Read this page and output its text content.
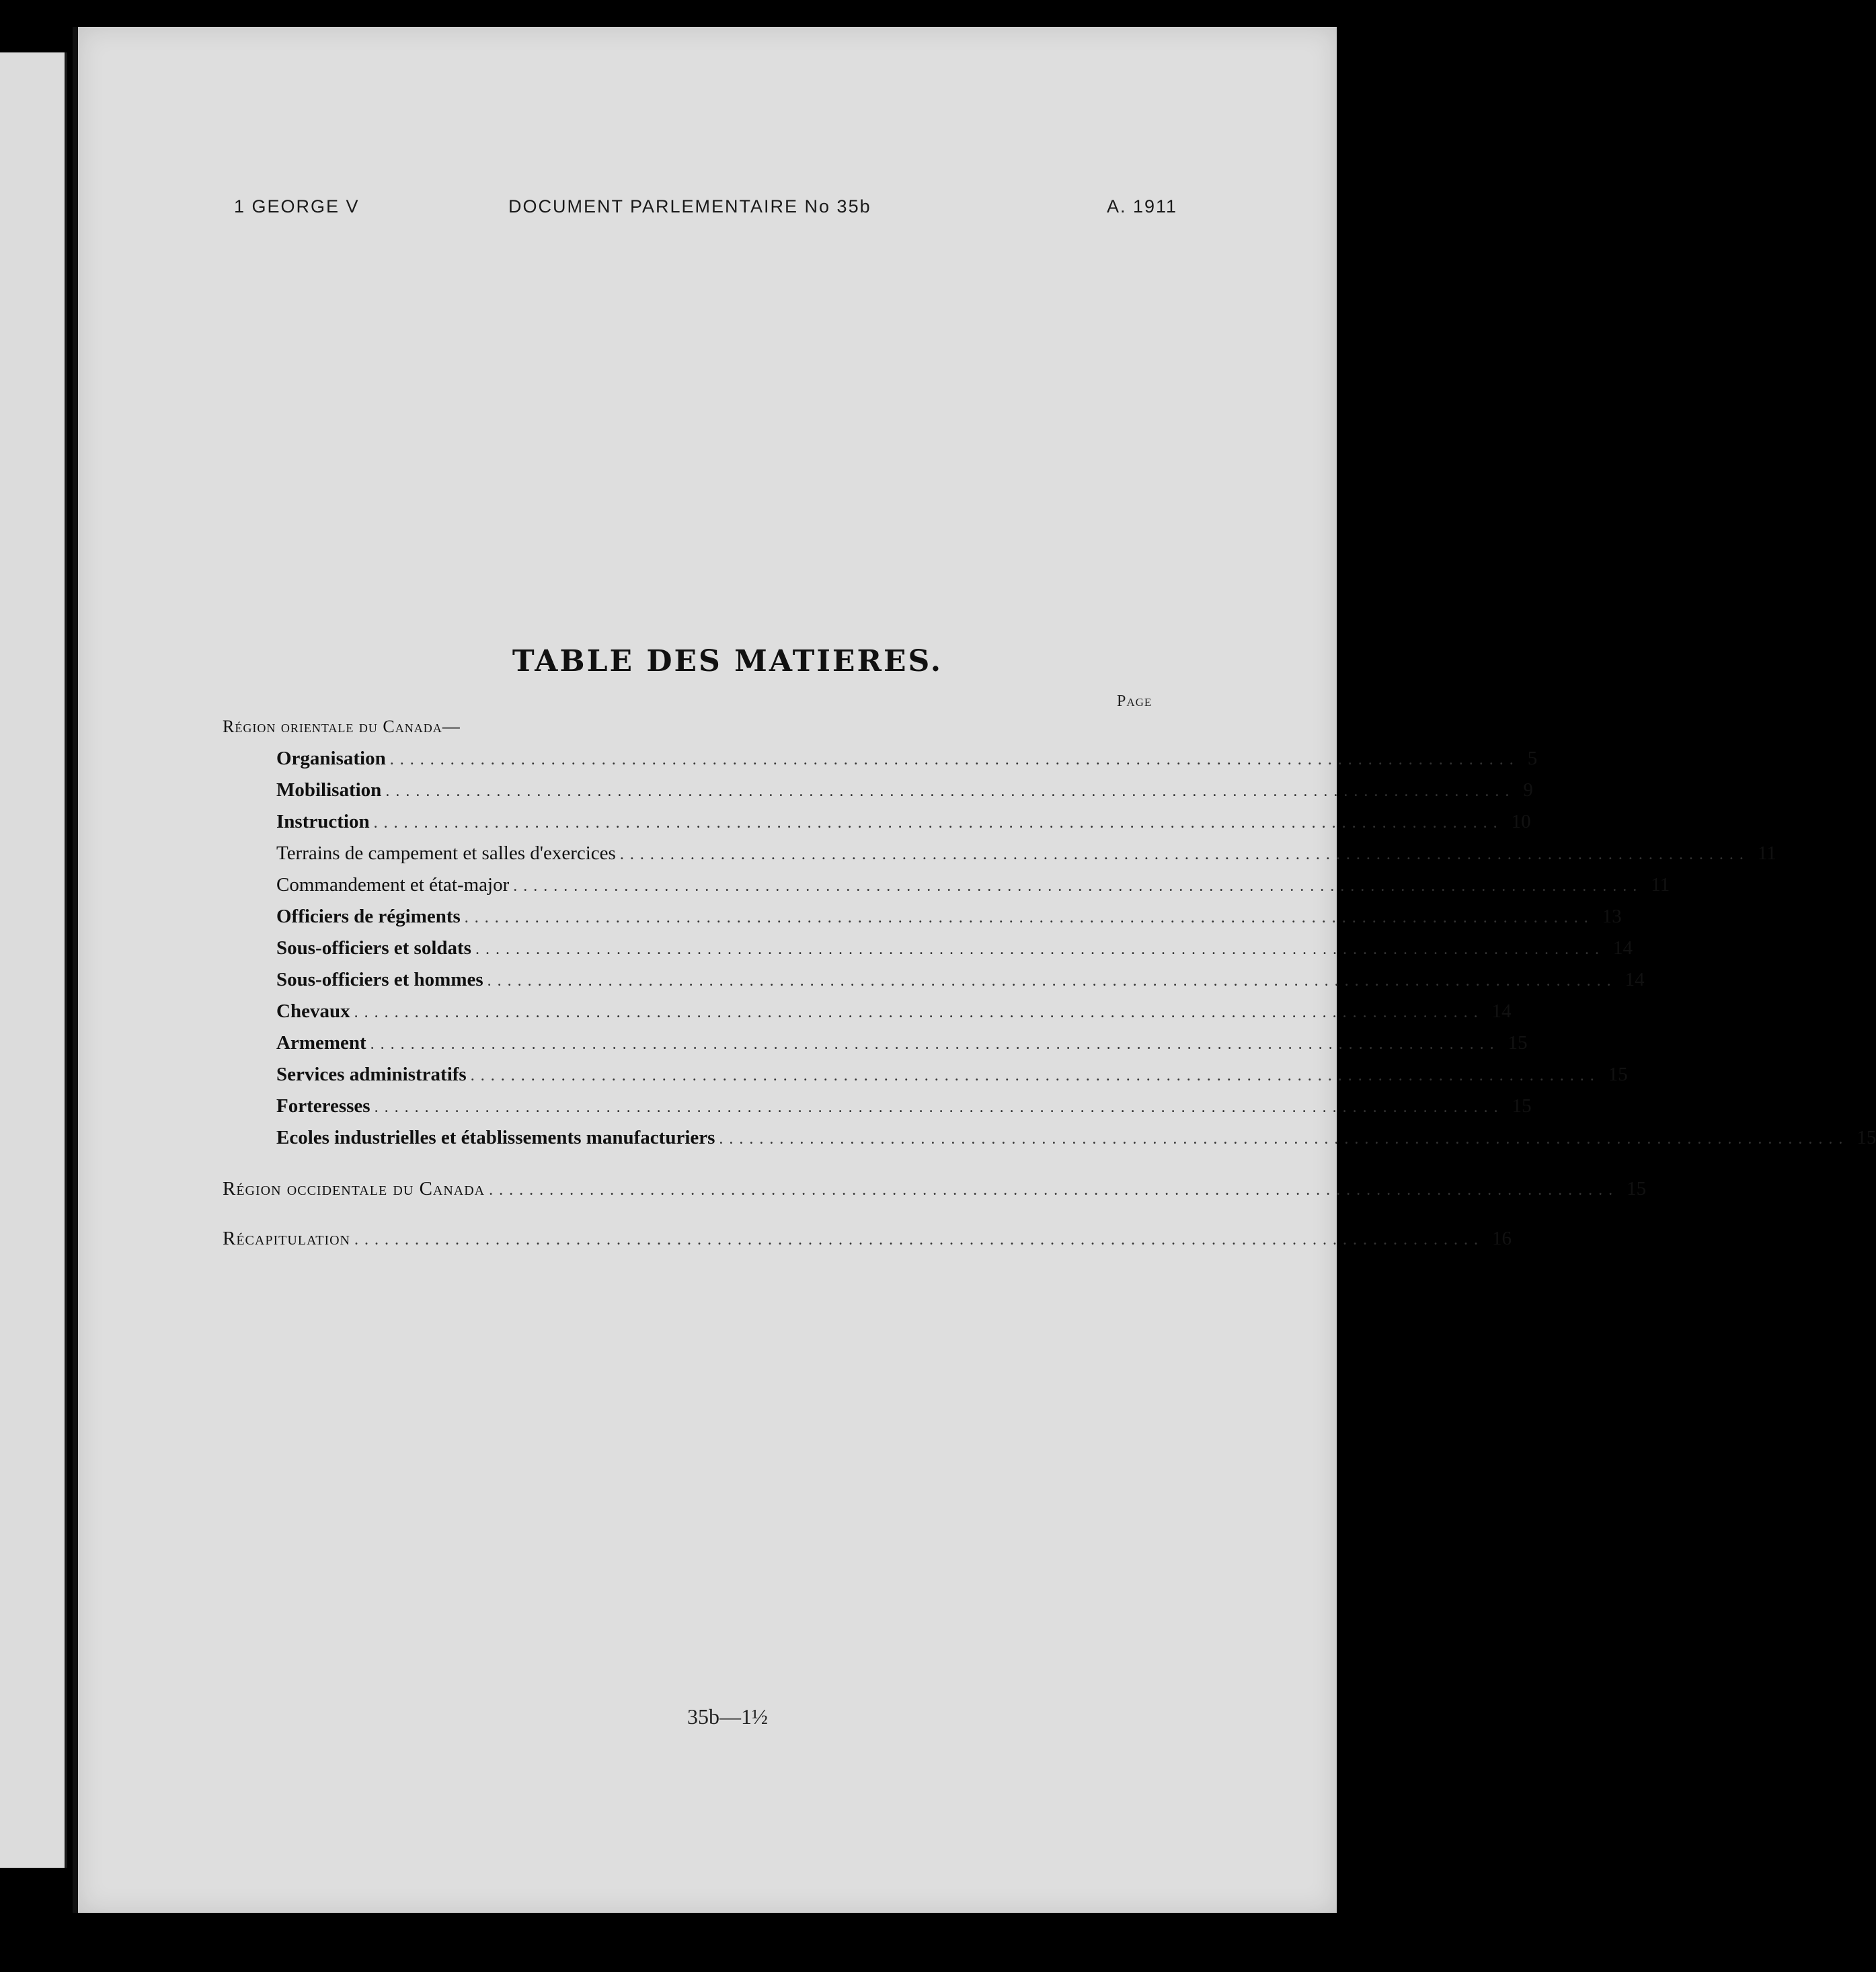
1 GEORGE V	DOCUMENT PARLEMENTAIRE No 35b	A. 1911
TABLE DES MATIERES.
Page
Région orientale du Canada—
Organisation ................................................................................................................ 5
Mobilisation ................................................................................................................ 9
Instruction ................................................................................................................ 10
Terrains de campement et salles d'exercices ................................................................................................................ 11
Commandement et état-major ................................................................................................................ 11
Officiers de régiments ................................................................................................................ 13
Sous-officiers et soldats ................................................................................................................ 14
Sous-officiers et hommes ................................................................................................................ 14
Chevaux ................................................................................................................ 14
Armement ................................................................................................................ 15
Services administratifs ................................................................................................................ 15
Forteresses ................................................................................................................ 15
Ecoles industrielles et établissements manufacturiers ................................................................................................................ 15
Région occidentale du Canada ................................................................................................................ 15
Récapitulation ................................................................................................................ 16
35b—1½
